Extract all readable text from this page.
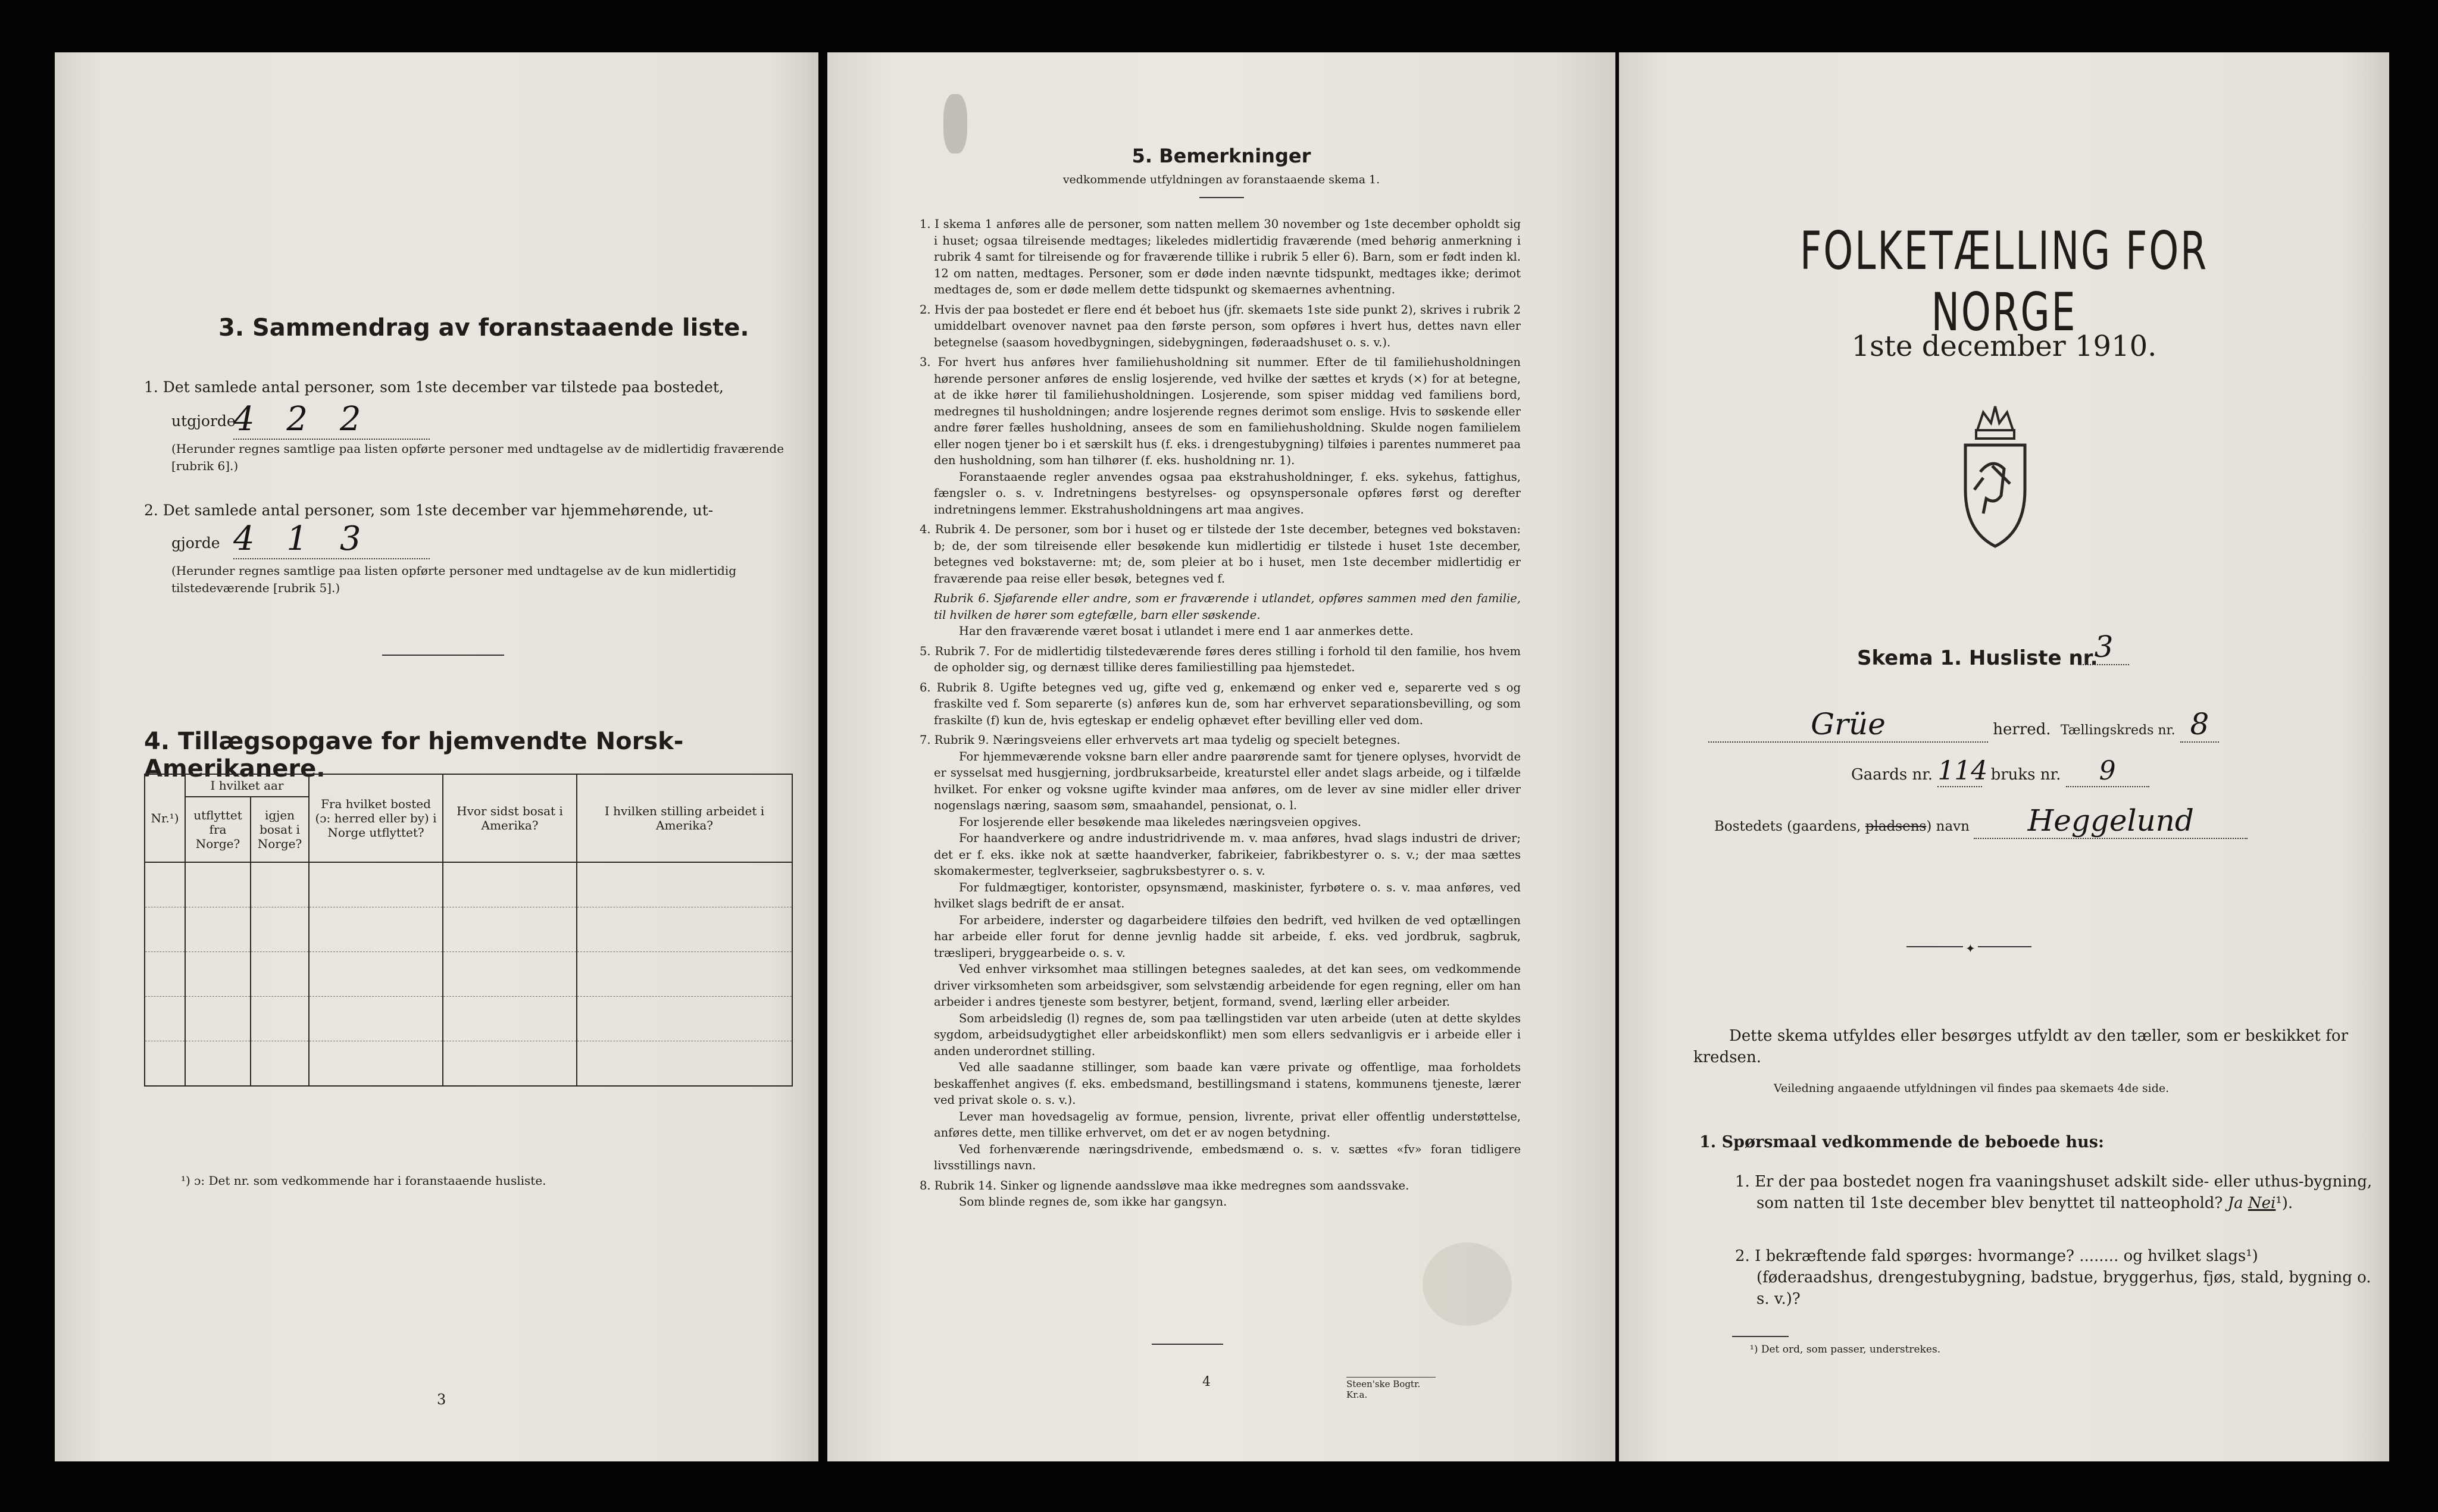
3. Sammendrag av foranstaaende liste.
1. Det samlede antal personer, som 1ste december var tilstede paa bostedet,
utgjorde
4 2 2
(Herunder regnes samtlige paa listen opførte personer med undtagelse av de midlertidig fraværende [rubrik 6].)
2. Det samlede antal personer, som 1ste december var hjemmehørende, ut-
gjorde 4 1 3
(Herunder regnes samtlige paa listen opførte personer med undtagelse av de kun midlertidig tilstedeværende [rubrik 5].)
4. Tillægsopgave for hjemvendte Norsk-Amerikanere.
Nr.¹)	I hvilket aar		Fra hvilket bosted (ɔ: herred eller by) i Norge utflyttet?	Hvor sidst bosat i Amerika?	I hvilken stilling arbeidet i Amerika?
	utflyttet fra Norge?	igjen bosat i Norge?			

¹) ɔ: Det nr. som vedkommende har i foranstaaende husliste.
3
5. Bemerkninger
vedkommende utfyldningen av foranstaaende skema 1.

1. I skema 1 anføres alle de personer, som natten mellem 30 november og 1ste december opholdt sig i huset; ogsaa tilreisende medtages; likeledes midlertidig fraværende (med behørig anmerkning i rubrik 4 samt for tilreisende og for fraværende tillike i rubrik 5 eller 6). Barn, som er født inden kl. 12 om natten, medtages. Personer, som er døde inden nævnte tidspunkt, medtages ikke; derimot medtages de, som er døde mellem dette tidspunkt og skemaernes avhentning.

2. Hvis der paa bostedet er flere end ét beboet hus (jfr. skemaets 1ste side punkt 2), skrives i rubrik 2 umiddelbart ovenover navnet paa den første person, som opføres i hvert hus, dettes navn eller betegnelse (saasom hovedbygningen, sidebygningen, føderaadshuset o. s. v.).

3. For hvert hus anføres hver familiehusholdning sit nummer. Efter de til familiehusholdningen hørende personer anføres de enslig losjerende, ved hvilke der sættes et kryds (×) for at betegne, at de ikke hører til familiehusholdningen. Losjerende, som spiser middag ved familiens bord, medregnes til husholdningen; andre losjerende regnes derimot som enslige. Hvis to søskende eller andre fører fælles husholdning, ansees de som en familiehusholdning. Skulde nogen familielem eller nogen tjener bo i et særskilt hus (f. eks. i drengestubygning) tilføies i parentes nummeret paa den husholdning, som han tilhører (f. eks. husholdning nr. 1).

Foranstaaende regler anvendes ogsaa paa ekstrahusholdninger, f. eks. sykehus, fattighus, fængsler o. s. v. Indretningens bestyrelses- og opsynspersonale opføres først og derefter indretningens lemmer. Ekstrahusholdningens art maa angives.

4. Rubrik 4. De personer, som bor i huset og er tilstede der 1ste december, betegnes ved bokstaven: b; de, der som tilreisende eller besøkende kun midlertidig er tilstede i huset 1ste december, betegnes ved bokstaverne: mt; de, som pleier at bo i huset, men 1ste december midlertidig er fraværende paa reise eller besøk, betegnes ved f.

Rubrik 6. Sjøfarende eller andre, som er fraværende i utlandet, opføres sammen med den familie, til hvilken de hører som egtefælle, barn eller søskende.

Har den fraværende været bosat i utlandet i mere end 1 aar anmerkes dette.

5. Rubrik 7. For de midlertidig tilstedeværende føres deres stilling i forhold til den familie, hos hvem de opholder sig, og dernæst tillike deres familiestilling paa hjemstedet.

6. Rubrik 8. Ugifte betegnes ved ug, gifte ved g, enkemænd og enker ved e, separerte ved s og fraskilte ved f. Som separerte (s) anføres kun de, som har erhvervet separationsbevilling, og som fraskilte (f) kun de, hvis egteskap er endelig ophævet efter bevilling eller ved dom.

7. Rubrik 9. Næringsveiens eller erhvervets art maa tydelig og specielt betegnes.

For hjemmeværende voksne barn eller andre paarørende samt for tjenere oplyses, hvorvidt de er sysselsat med husgjerning, jordbruksarbeide, kreaturstel eller andet slags arbeide, og i tilfælde hvilket. For enker og voksne ugifte kvinder maa anføres, om de lever av sine midler eller driver nogenslags næring, saasom søm, smaahandel, pensionat, o. l.

For losjerende eller besøkende maa likeledes næringsveien opgives.

For haandverkere og andre industridrivende m. v. maa anføres, hvad slags industri de driver; det er f. eks. ikke nok at sætte haandverker, fabrikeier, fabrikbestyrer o. s. v.; der maa sættes skomakermester, teglverkseier, sagbruksbestyrer o. s. v.

For fuldmægtiger, kontorister, opsynsmænd, maskinister, fyrbøtere o. s. v. maa anføres, ved hvilket slags bedrift de er ansat.

For arbeidere, inderster og dagarbeidere tilføies den bedrift, ved hvilken de ved optællingen har arbeide eller forut for denne jevnlig hadde sit arbeide, f. eks. ved jordbruk, sagbruk, træsliperi, bryggearbeide o. s. v.

Ved enhver virksomhet maa stillingen betegnes saaledes, at det kan sees, om vedkommende driver virksomheten som arbeidsgiver, som selvstændig arbeidende for egen regning, eller om han arbeider i andres tjeneste som bestyrer, betjent, formand, svend, lærling eller arbeider.

Som arbeidsledig (l) regnes de, som paa tællingstiden var uten arbeide (uten at dette skyldes sygdom, arbeidsudygtighet eller arbeidskonflikt) men som ellers sedvanligvis er i arbeide eller i anden underordnet stilling.

Ved alle saadanne stillinger, som baade kan være private og offentlige, maa forholdets beskaffenhet angives (f. eks. embedsmand, bestillingsmand i statens, kommunens tjeneste, lærer ved privat skole o. s. v.).

Lever man hovedsagelig av formue, pension, livrente, privat eller offentlig understøttelse, anføres dette, men tillike erhvervet, om det er av nogen betydning.

Ved forhenværende næringsdrivende, embedsmænd o. s. v. sættes «fv» foran tidligere livsstillings navn.

8. Rubrik 14. Sinker og lignende aandssløve maa ikke medregnes som aandssvake.

Som blinde regnes de, som ikke har gangsyn.

4	Steen'ske Bogtr. Kr.a.
FOLKETÆLLING FOR NORGE
1ste december 1910.
Skema 1. Husliste nr.
3
Grüe	herred. Tællingskreds nr. 8
Gaards nr. 114 bruks nr. 9
Bostedets (gaardens, pladsens) navn Heggelund
✦
Dette skema utfyldes eller besørges utfyldt av den tæller, som er beskikket for kredsen.
Veiledning angaaende utfyldningen vil findes paa skemaets 4de side.
1. Spørsmaal vedkommende de beboede hus:
1. Er der paa bostedet nogen fra vaaningshuset adskilt side- eller uthus-bygning, som natten til 1ste december blev benyttet til natteophold? Ja Nei¹).
2. I bekræftende fald spørges: hvormange? ........ og hvilket slags¹) (føderaadshus, drengestubygning, badstue, bryggerhus, fjøs, stald, bygning o. s. v.)?
¹) Det ord, som passer, understrekes.
